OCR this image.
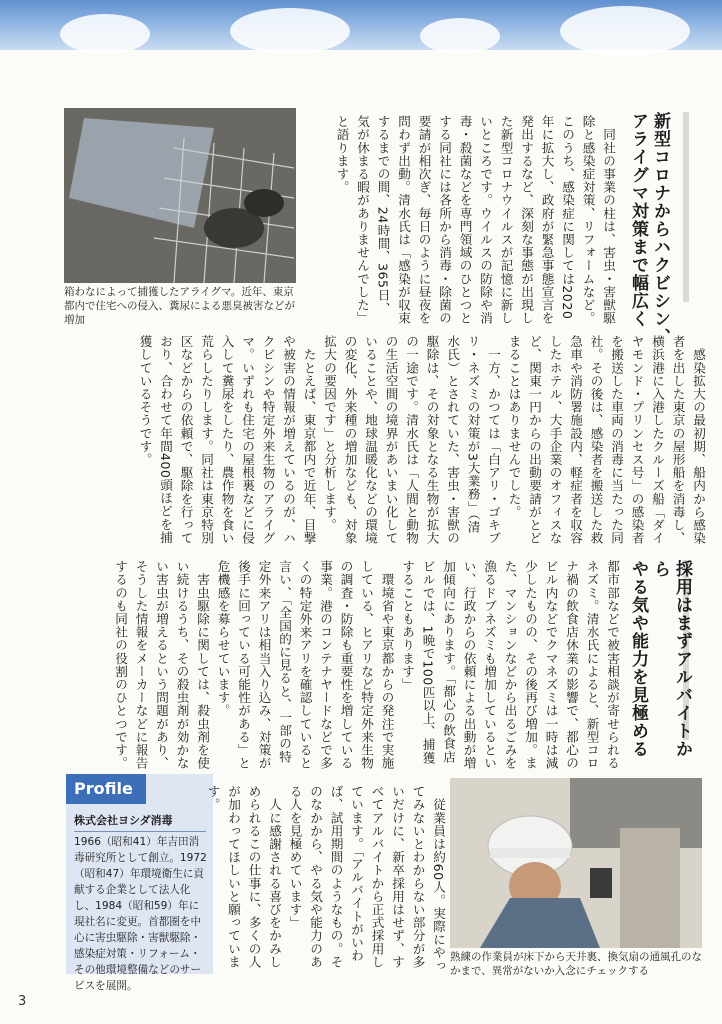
新型コロナからハクビシン、
アライグマ対策まで幅広く
　同社の事業の柱は、害虫・害獣駆除と感染症対策、リフォームなど。このうち、感染症に関しては2020年に拡大し、政府が緊急事態宣言を発出するなど、深刻な事態が出現した新型コロナウイルスが記憶に新しいところです。ウイルスの防除や消毒・殺菌などを専門領域のひとつとする同社には各所から消毒・除菌の要請が相次ぎ、毎日のように昼夜を問わず出動。清水氏は「感染が収束するまでの間、24時間、365日、気が休まる暇がありませんでした」と語ります。
箱わなによって捕獲したアライグマ。近年、東京都内で住宅への侵入、糞尿による悪臭被害などが増加
　感染拡大の最初期、船内から感染者を出した東京の屋形船を消毒し、横浜港に入港したクルーズ船「ダイヤモンド・プリンセス号」の感染者を搬送した車両の消毒に当たった同社。その後は、感染者を搬送した救急車や消防署施設内、軽症者を収容したホテル、大手企業のオフィスなど、関東一円からの出動要請がとどまることはありませんでした。
　一方、かつては「白アリ・ゴキブリ・ネズミの対策が3大業務」（清水氏）とされていた、害虫・害獣の駆除は、その対象となる生物が拡大の一途です。清水氏は「人間と動物の生活空間の境界があいまい化していることや、地球温暖化などの環境の変化、外来種の増加なども、対象拡大の要因です」と分析します。
　たとえば、東京都内で近年、目撃や被害の情報が増えているのが、ハクビシンや特定外来生物のアライグマ。いずれも住宅の屋根裏などに侵入して糞尿をしたり、農作物を食い荒らしたりします。同社は東京特別区などからの依頼で、駆除を行っており、合わせて年間400頭ほどを捕獲しているそうです。
採用はまずアルバイトから
やる気や能力を見極める
都市部などで被害相談が寄せられるネズミ。清水氏によると、新型コロナ禍の飲食店休業の影響で、都心のビル内などでクマネズミは一時は減少したものの、その後再び増加。また、マンションなどから出るごみを漁るドブネズミも増加しているといい、行政からの依頼による出動が増加傾向にあります。「都心の飲食店ビルでは、1晩で100匹以上、捕獲することもあります」
　環境省や東京都からの発注で実施している、ヒアリなど特定外来生物の調査・防除も重要性を増している事業。港のコンテナヤードなどで多くの特定外来アリを確認していると言い、「全国的に見ると、一部の特定外来アリは相当入り込み、対策が後手に回っている可能性がある」と危機感を募らせています。
　害虫駆除に関しては、殺虫剤を使い続けるうち、その殺虫剤が効かない害虫が増えるという問題があり、そうした情報をメーカーなどに報告するのも同社の役割のひとつです。
Profile
株式会社ヨシダ消毒
1966（昭和41）年吉田消毒研究所として創立。1972（昭和47）年環境衛生に貢献する企業として法人化し、1984（昭和59）年に現社名に変更。首都圏を中心に害虫駆除・害獣駆除・感染症対策・リフォーム・その他環境整備などのサービスを展開。
　従業員は約60人。実際にやってみないとわからない部分が多いだけに、新卒採用はせず、すべてアルバイトから正式採用しています。「アルバイトがいわば、試用期間のようなもの。そのなかから、やる気や能力のある人を見極めています」
　人に感謝される喜びをかみしめられるこの仕事に、多くの人が加わってほしいと願っています。
熟練の作業員が床下から天井裏、換気扇の通風孔のなかまで、異常がないか入念にチェックする
3
